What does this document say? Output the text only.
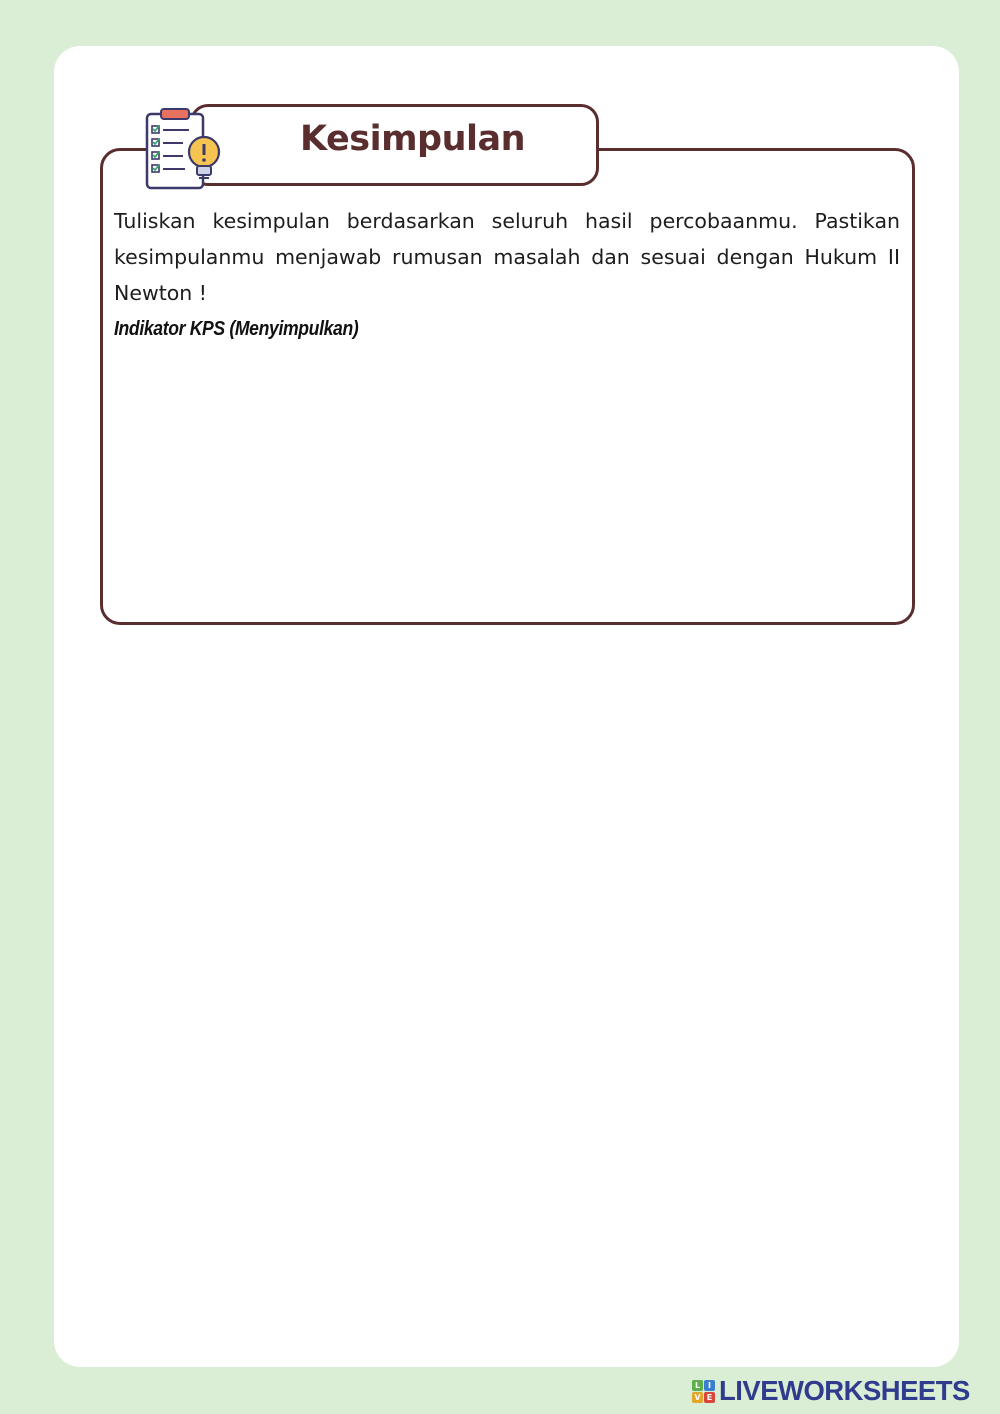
Kesimpulan

Tuliskan kesimpulan berdasarkan seluruh hasil percobaanmu. Pastikan kesimpulanmu menjawab rumusan masalah dan sesuai dengan Hukum II Newton !

Indikator KPS (Menyimpulkan)
L I
V E LIVEWORKSHEETS
